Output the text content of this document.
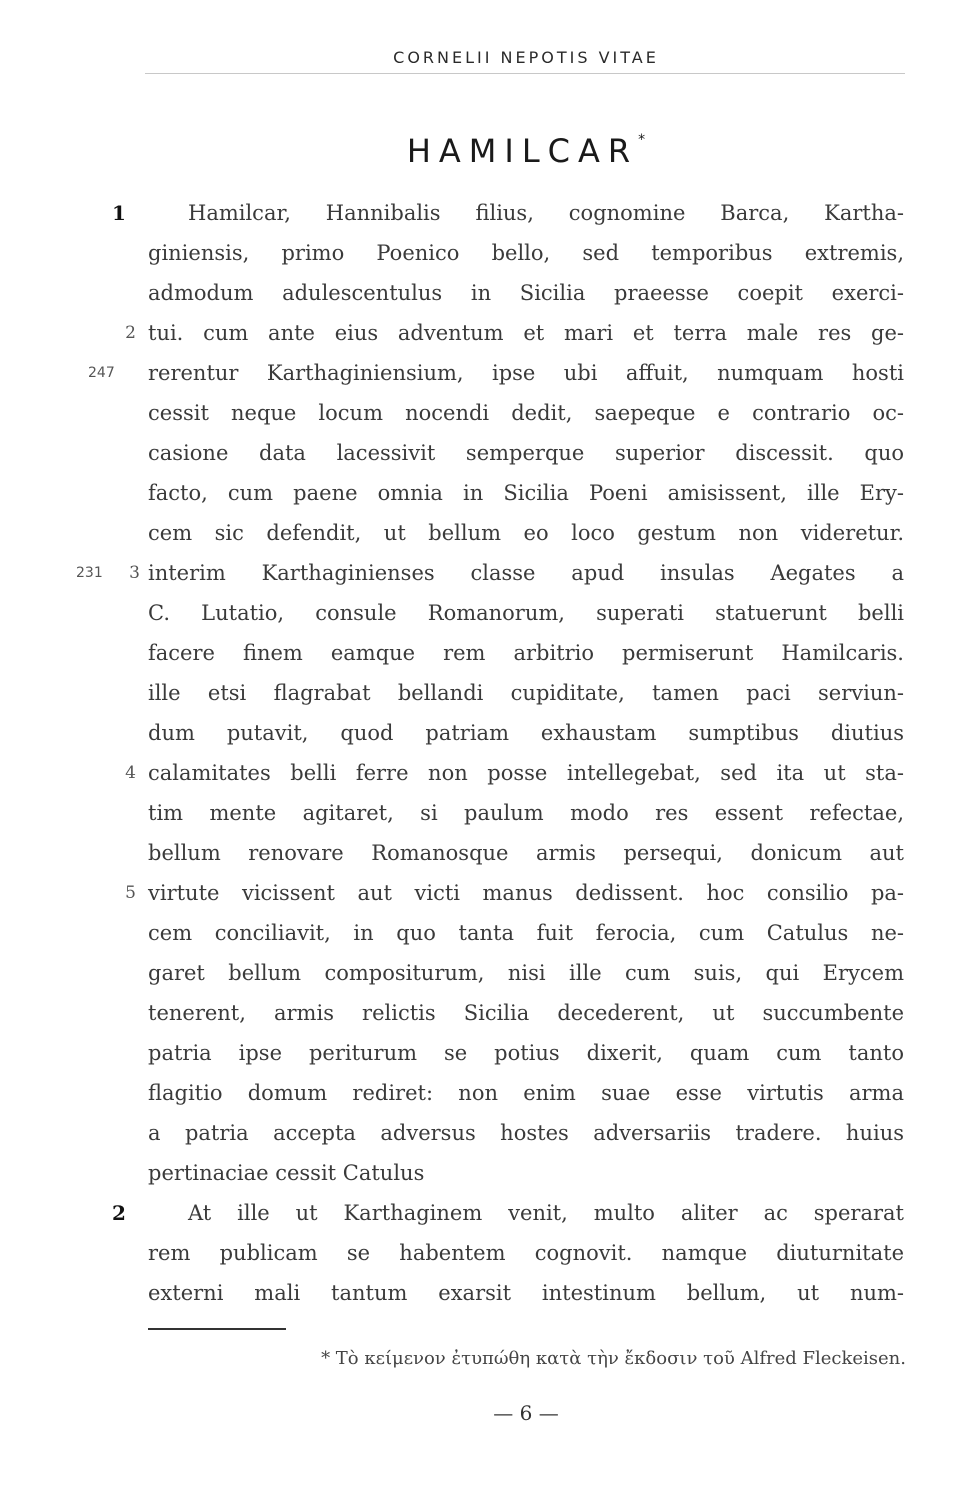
CORNELII NEPOTIS VITAE
HAMILCAR*
1
2
247
231	3
4
5
2
Hamilcar, Hannibalis filius, cognomine Barca, Kartha-
giniensis, primo Poenico bello, sed temporibus extremis,
admodum adulescentulus in Sicilia praeesse coepit exerci-
tui. cum ante eius adventum et mari et terra male res ge-
rerentur Karthaginiensium, ipse ubi affuit, numquam hosti
cessit neque locum nocendi dedit, saepeque e contrario oc-
casione data lacessivit semperque superior discessit. quo
facto, cum paene omnia in Sicilia Poeni amisissent, ille Ery-
cem sic defendit, ut bellum eo loco gestum non videretur.
interim Karthaginienses classe apud insulas Aegates a
C. Lutatio, consule Romanorum, superati statuerunt belli
facere finem eamque rem arbitrio permiserunt Hamilcaris.
ille etsi flagrabat bellandi cupiditate, tamen paci serviun-
dum putavit, quod patriam exhaustam sumptibus diutius
calamitates belli ferre non posse intellegebat, sed ita ut sta-
tim mente agitaret, si paulum modo res essent refectae,
bellum renovare Romanosque armis persequi, donicum aut
virtute vicissent aut victi manus dedissent. hoc consilio pa-
cem conciliavit, in quo tanta fuit ferocia, cum Catulus ne-
garet bellum compositurum, nisi ille cum suis, qui Erycem
tenerent, armis relictis Sicilia decederent, ut succumbente
patria ipse periturum se potius dixerit, quam cum tanto
flagitio domum rediret: non enim suae esse virtutis arma
a patria accepta adversus hostes adversariis tradere. huius
pertinaciae cessit Catulus
At ille ut Karthaginem venit, multo aliter ac sperarat
rem publicam se habentem cognovit. namque diuturnitate
externi mali tantum exarsit intestinum bellum, ut num-
* Τὸ κείμενον ἐτυπώθη κατὰ τὴν ἔκδοσιν τοῦ Alfred Fleckeisen.
— 6 —
